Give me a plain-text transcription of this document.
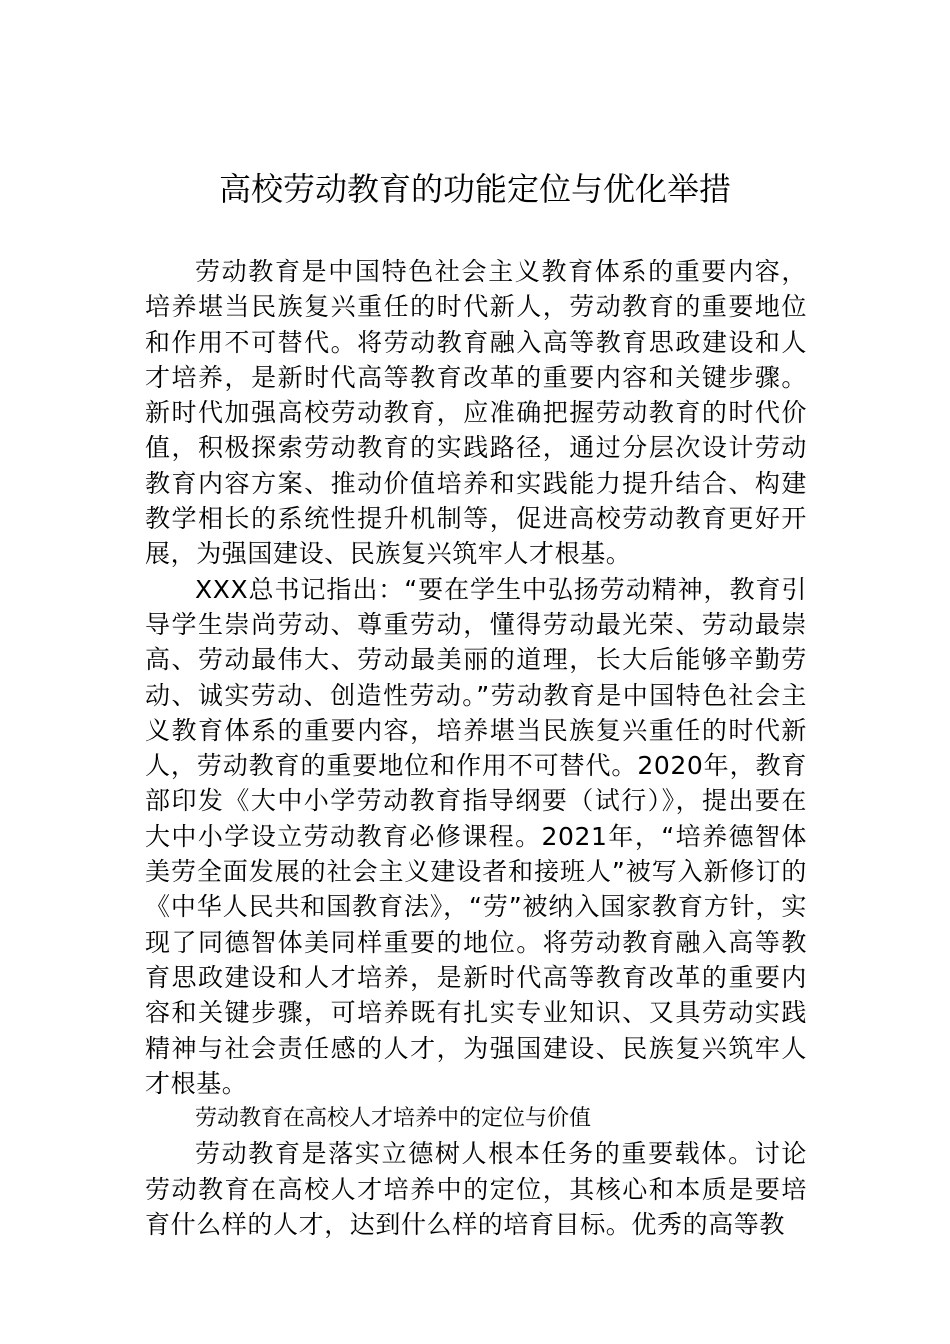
高校劳动教育的功能定位与优化举措

劳动教育是中国特色社会主义教育体系的重要内容，培养堪当民族复兴重任的时代新人，劳动教育的重要地位和作用不可替代。将劳动教育融入高等教育思政建设和人才培养，是新时代高等教育改革的重要内容和关键步骤。新时代加强高校劳动教育，应准确把握劳动教育的时代价值，积极探索劳动教育的实践路径，通过分层次设计劳动教育内容方案、推动价值培养和实践能力提升结合、构建教学相长的系统性提升机制等，促进高校劳动教育更好开展，为强国建设、民族复兴筑牢人才根基。

XXX总书记指出：“要在学生中弘扬劳动精神，教育引导学生崇尚劳动、尊重劳动，懂得劳动最光荣、劳动最崇高、劳动最伟大、劳动最美丽的道理，长大后能够辛勤劳动、诚实劳动、创造性劳动。”劳动教育是中国特色社会主义教育体系的重要内容，培养堪当民族复兴重任的时代新人，劳动教育的重要地位和作用不可替代。2020年，教育部印发《大中小学劳动教育指导纲要（试行）》，提出要在大中小学设立劳动教育必修课程。2021年，“培养德智体美劳全面发展的社会主义建设者和接班人”被写入新修订的《中华人民共和国教育法》，“劳”被纳入国家教育方针，实现了同德智体美同样重要的地位。将劳动教育融入高等教育思政建设和人才培养，是新时代高等教育改革的重要内容和关键步骤，可培养既有扎实专业知识、又具劳动实践精神与社会责任感的人才，为强国建设、民族复兴筑牢人才根基。

劳动教育在高校人才培养中的定位与价值

劳动教育是落实立德树人根本任务的重要载体。讨论劳动教育在高校人才培养中的定位，其核心和本质是要培育什么样的人才，达到什么样的培育目标。优秀的高等教
